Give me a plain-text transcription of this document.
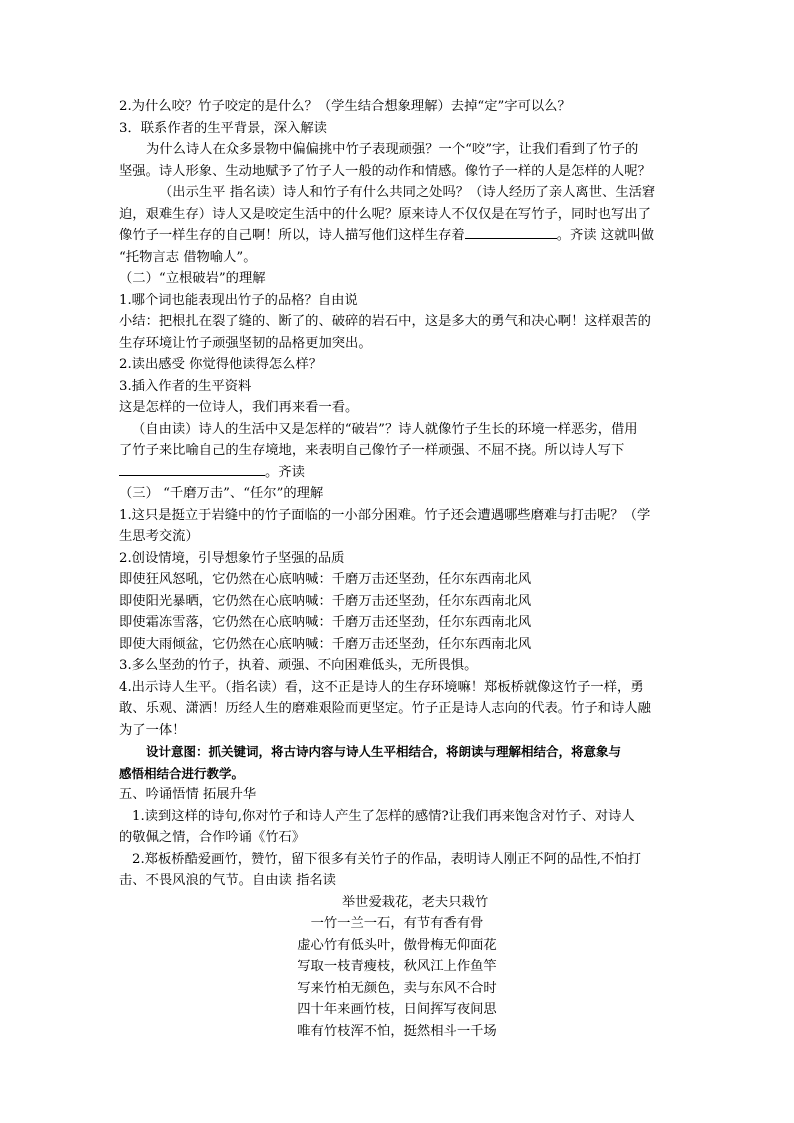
2.为什么咬？竹子咬定的是什么？（学生结合想象理解）去掉“定”字可以么？
3．联系作者的生平背景，深入解读
为什么诗人在众多景物中偏偏挑中竹子表现顽强？一个“咬”字，让我们看到了竹子的
坚强。诗人形象、生动地赋予了竹子人一般的动作和情感。像竹子一样的人是怎样的人呢？
（出示生平 指名读）诗人和竹子有什么共同之处吗？（诗人经历了亲人离世、生活窘
迫，艰难生存）诗人又是咬定生活中的什么呢？原来诗人不仅仅是在写竹子，同时也写出了
像竹子一样生存的自己啊！所以，诗人描写他们这样生存着	。齐读 这就叫做
“托物言志 借物喻人”。
（二）“立根破岩”的理解
1.哪个词也能表现出竹子的品格？自由说
小结：把根扎在裂了缝的、断了的、破碎的岩石中，这是多大的勇气和决心啊！这样艰苦的
生存环境让竹子顽强坚韧的品格更加突出。
2.读出感受 你觉得他读得怎么样？
3.插入作者的生平资料
这是怎样的一位诗人，我们再来看一看。
（自由读）诗人的生活中又是怎样的“破岩”？诗人就像竹子生长的环境一样恶劣，借用
了竹子来比喻自己的生存境地，来表明自己像竹子一样顽强、不屈不挠。所以诗人写下
。齐读
（三） “千磨万击”、“任尔”的理解
1.这只是挺立于岩缝中的竹子面临的一小部分困难。竹子还会遭遇哪些磨难与打击呢？（学
生思考交流）
2.创设情境，引导想象竹子坚强的品质
即使狂风怒吼，它仍然在心底呐喊：千磨万击还坚劲，任尔东西南北风
即使阳光暴晒，它仍然在心底呐喊：千磨万击还坚劲，任尔东西南北风
即使霜冻雪落，它仍然在心底呐喊：千磨万击还坚劲，任尔东西南北风
即使大雨倾盆，它仍然在心底呐喊：千磨万击还坚劲，任尔东西南北风
3.多么坚劲的竹子，执着、顽强、不向困难低头，无所畏惧。
4.出示诗人生平。（指名读）看，这不正是诗人的生存环境嘛！郑板桥就像这竹子一样，勇
敢、乐观、潇洒！历经人生的磨难艰险而更坚定。竹子正是诗人志向的代表。竹子和诗人融
为了一体！
设计意图：抓关键词，将古诗内容与诗人生平相结合，将朗读与理解相结合，将意象与
感悟相结合进行教学。
五、吟诵悟情 拓展升华
1.读到这样的诗句,你对竹子和诗人产生了怎样的感情?让我们再来饱含对竹子、对诗人
的敬佩之情，合作吟诵《竹石》
2.郑板桥酷爱画竹，赞竹，留下很多有关竹子的作品，表明诗人刚正不阿的品性,不怕打
击、不畏风浪的气节。自由读 指名读
举世爱栽花，老夫只栽竹
一竹一兰一石，有节有香有骨
虚心竹有低头叶，傲骨梅无仰面花
写取一枝青瘦枝，秋风江上作鱼竿
写来竹柏无颜色，卖与东风不合时
四十年来画竹枝，日间挥写夜间思
唯有竹枝浑不怕，挺然相斗一千场
